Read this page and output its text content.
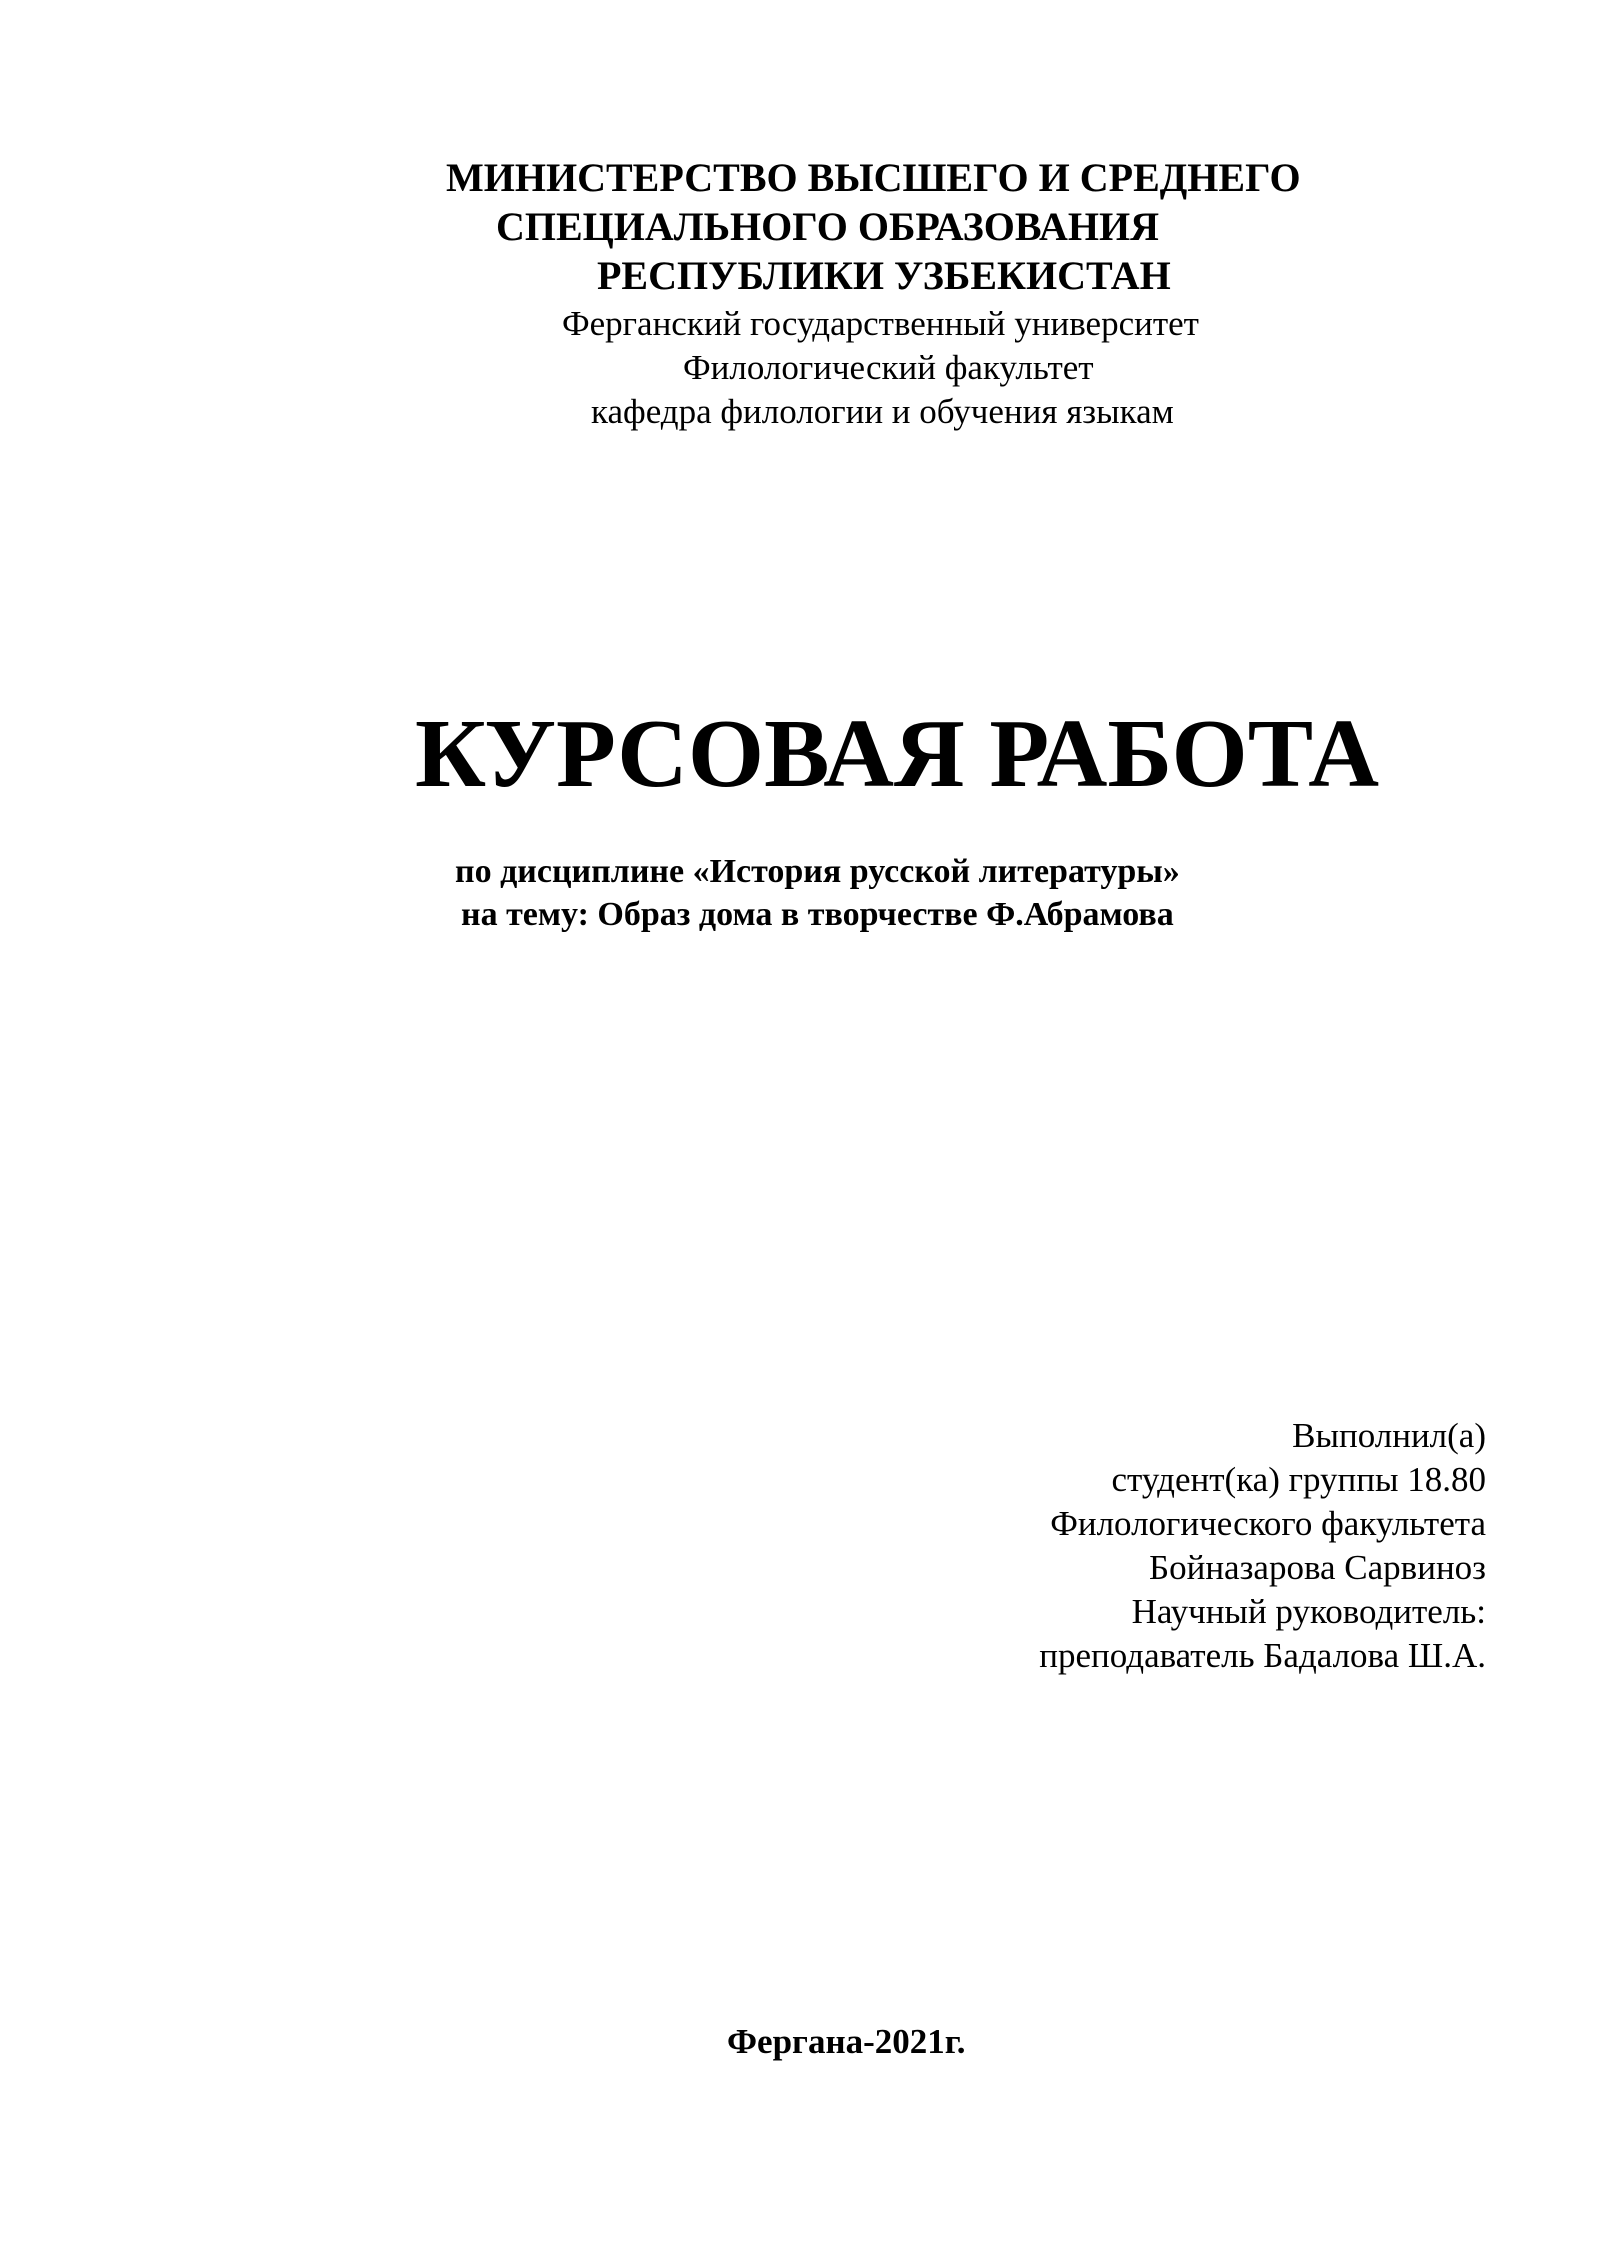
МИНИСТЕРСТВО ВЫСШЕГО И СРЕДНЕГО
СПЕЦИАЛЬНОГО ОБРАЗОВАНИЯ
РЕСПУБЛИКИ УЗБЕКИСТАН
Ферганский государственный университет
Филологический факультет
кафедра филологии и обучения языкам
КУРСОВАЯ РАБОТА
по дисциплине «История русской литературы»
на тему: Образ дома в творчестве Ф.Абрамова
Выполнил(а)
студент(ка) группы 18.80
Филологического факультета
Бойназарова Сарвиноз
Научный руководитель:
преподаватель Бадалова Ш.А.
Фергана-2021г.
